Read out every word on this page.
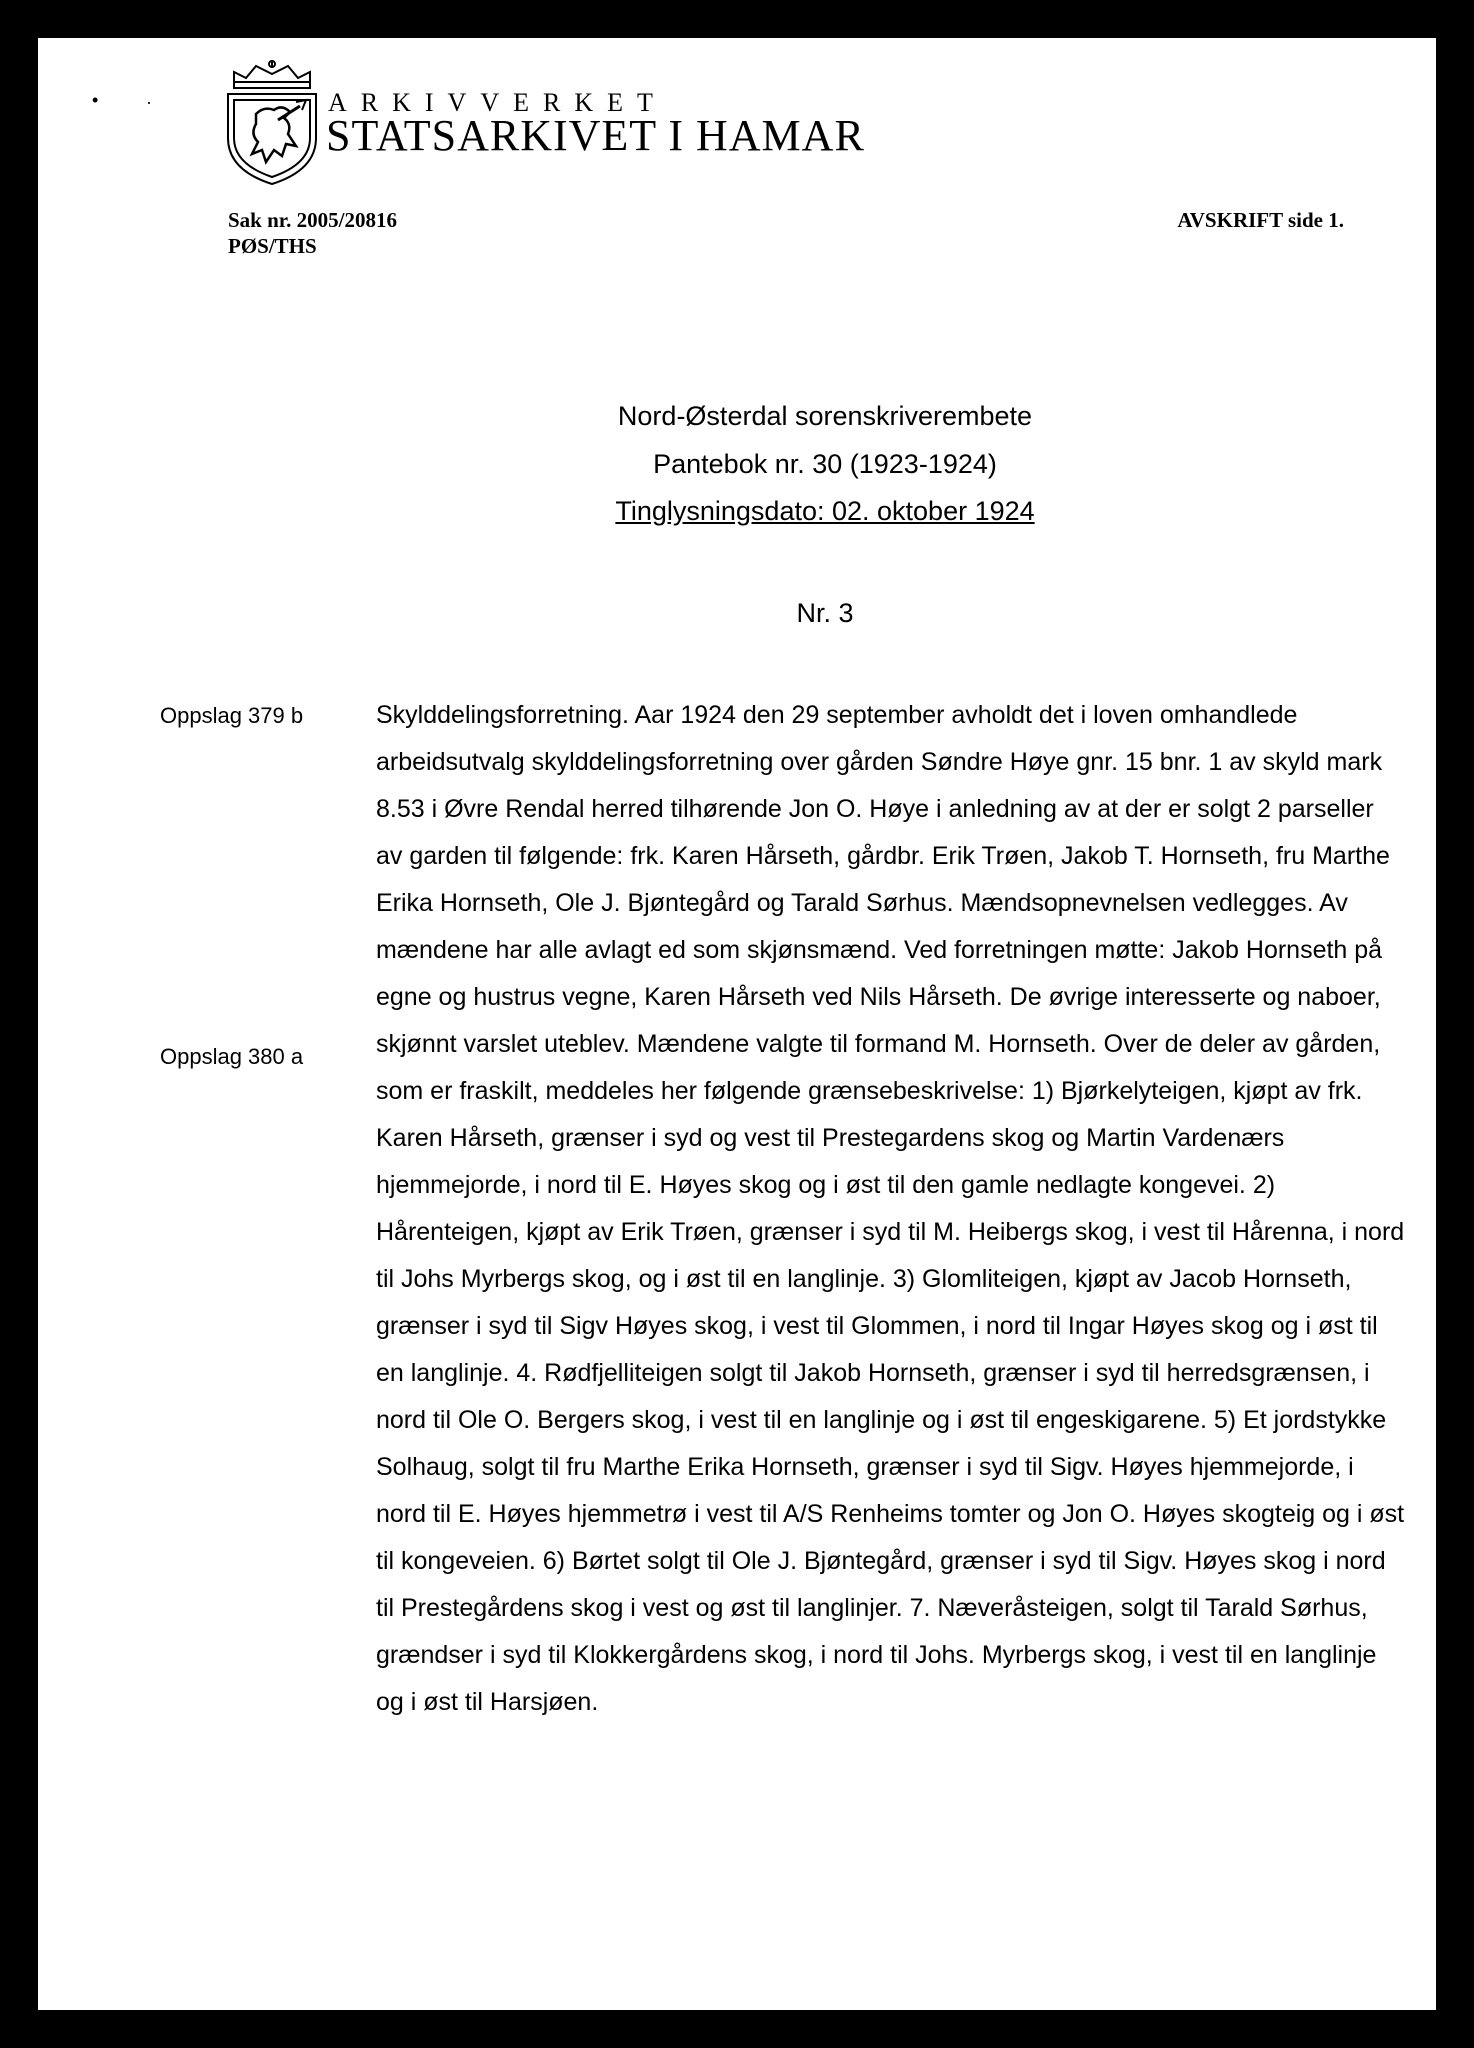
ARKIVVERKET
STATSARKIVET I HAMAR
Sak nr. 2005/20816
PØS/THS
AVSKRIFT side 1.
Nord-Østerdal sorenskriverembete
Pantebok nr. 30 (1923-1924)
Tinglysningsdato: 02. oktober 1924
Nr. 3
Oppslag 379 b
Oppslag 380 a
Skylddelingsforretning. Aar 1924 den 29 september avholdt det i loven omhandlede arbeidsutvalg skylddelingsforretning over gården Søndre Høye gnr. 15 bnr. 1 av skyld mark 8.53 i Øvre Rendal herred tilhørende Jon O. Høye i anledning av at der er solgt 2 parseller av garden til følgende: frk. Karen Hårseth, gårdbr. Erik Trøen, Jakob T. Hornseth, fru Marthe Erika Hornseth, Ole J. Bjøntegård og Tarald Sørhus. Mændsopnevnelsen vedlegges. Av mændene har alle avlagt ed som skjønsmænd. Ved forretningen møtte: Jakob Hornseth på egne og hustrus vegne, Karen Hårseth ved Nils Hårseth. De øvrige interesserte og naboer, skjønnt varslet uteblev. Mændene valgte til formand M. Hornseth. Over de deler av gården, som er fraskilt, meddeles her følgende grænsebeskrivelse: 1) Bjørkelyteigen, kjøpt av frk. Karen Hårseth, grænser i syd og vest til Prestegardens skog og Martin Vardenærs hjemmejorde, i nord til E. Høyes skog og i øst til den gamle nedlagte kongevei. 2) Hårenteigen, kjøpt av Erik Trøen, grænser i syd til M. Heibergs skog, i vest til Hårenna, i nord til Johs Myrbergs skog, og i øst til en langlinje. 3) Glomliteigen, kjøpt av Jacob Hornseth, grænser i syd til Sigv Høyes skog, i vest til Glommen, i nord til Ingar Høyes skog og i øst til en langlinje. 4. Rødfjelliteigen solgt til Jakob Hornseth, grænser i syd til herredsgrænsen, i nord til Ole O. Bergers skog, i vest til en langlinje og i øst til engeskigarene. 5) Et jordstykke Solhaug, solgt til fru Marthe Erika Hornseth, grænser i syd til Sigv. Høyes hjemmejorde, i nord til E. Høyes hjemmetrø i vest til A/S Renheims tomter og Jon O. Høyes skogteig og i øst til kongeveien. 6) Børtet solgt til Ole J. Bjøntegård, grænser i syd til Sigv. Høyes skog i nord til Prestegårdens skog i vest og øst til langlinjer. 7. Næveråsteigen, solgt til Tarald Sørhus, grændser i syd til Klokkergårdens skog, i nord til Johs. Myrbergs skog, i vest til en langlinje og i øst til Harsjøen.
•	·
